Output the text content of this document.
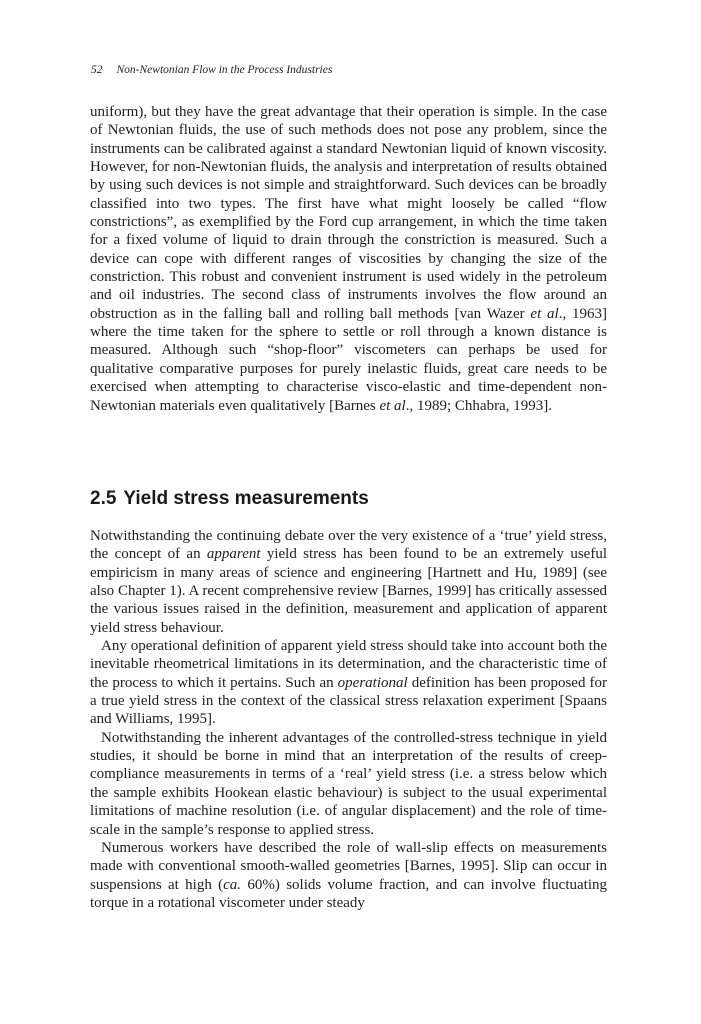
52 Non-Newtonian Flow in the Process Industries

uniform), but they have the great advantage that their operation is simple. In the case of Newtonian fluids, the use of such methods does not pose any problem, since the instruments can be calibrated against a standard Newtonian liquid of known viscosity. However, for non-Newtonian fluids, the analysis and interpretation of results obtained by using such devices is not simple and straightforward. Such devices can be broadly classified into two types. The first have what might loosely be called “flow constrictions”, as exemplified by the Ford cup arrangement, in which the time taken for a fixed volume of liquid to drain through the constriction is measured. Such a device can cope with different ranges of viscosities by changing the size of the constriction. This robust and convenient instrument is used widely in the petroleum and oil industries. The second class of instruments involves the flow around an obstruction as in the falling ball and rolling ball methods [van Wazer et al., 1963] where the time taken for the sphere to settle or roll through a known distance is measured. Although such “shop-floor” viscometers can perhaps be used for qualitative comparative purposes for purely inelastic fluids, great care needs to be exercised when attempting to characterise visco-elastic and time-dependent non-Newtonian materials even qualitatively [Barnes et al., 1989; Chhabra, 1993].

2.5 Yield stress measurements

Notwithstanding the continuing debate over the very existence of a ‘true’ yield stress, the concept of an apparent yield stress has been found to be an extremely useful empiricism in many areas of science and engineering [Hartnett and Hu, 1989] (see also Chapter 1). A recent comprehensive review [Barnes, 1999] has critically assessed the various issues raised in the definition, measurement and application of apparent yield stress behaviour.

Any operational definition of apparent yield stress should take into account both the inevitable rheometrical limitations in its determination, and the characteristic time of the process to which it pertains. Such an operational definition has been proposed for a true yield stress in the context of the classical stress relaxation experiment [Spaans and Williams, 1995].

Notwithstanding the inherent advantages of the controlled-stress technique in yield studies, it should be borne in mind that an interpretation of the results of creep-compliance measurements in terms of a ‘real’ yield stress (i.e. a stress below which the sample exhibits Hookean elastic behaviour) is subject to the usual experimental limitations of machine resolution (i.e. of angular displacement) and the role of time-scale in the sample’s response to applied stress.

Numerous workers have described the role of wall-slip effects on measurements made with conventional smooth-walled geometries [Barnes, 1995]. Slip can occur in suspensions at high (ca. 60%) solids volume fraction, and can involve fluctuating torque in a rotational viscometer under steady
